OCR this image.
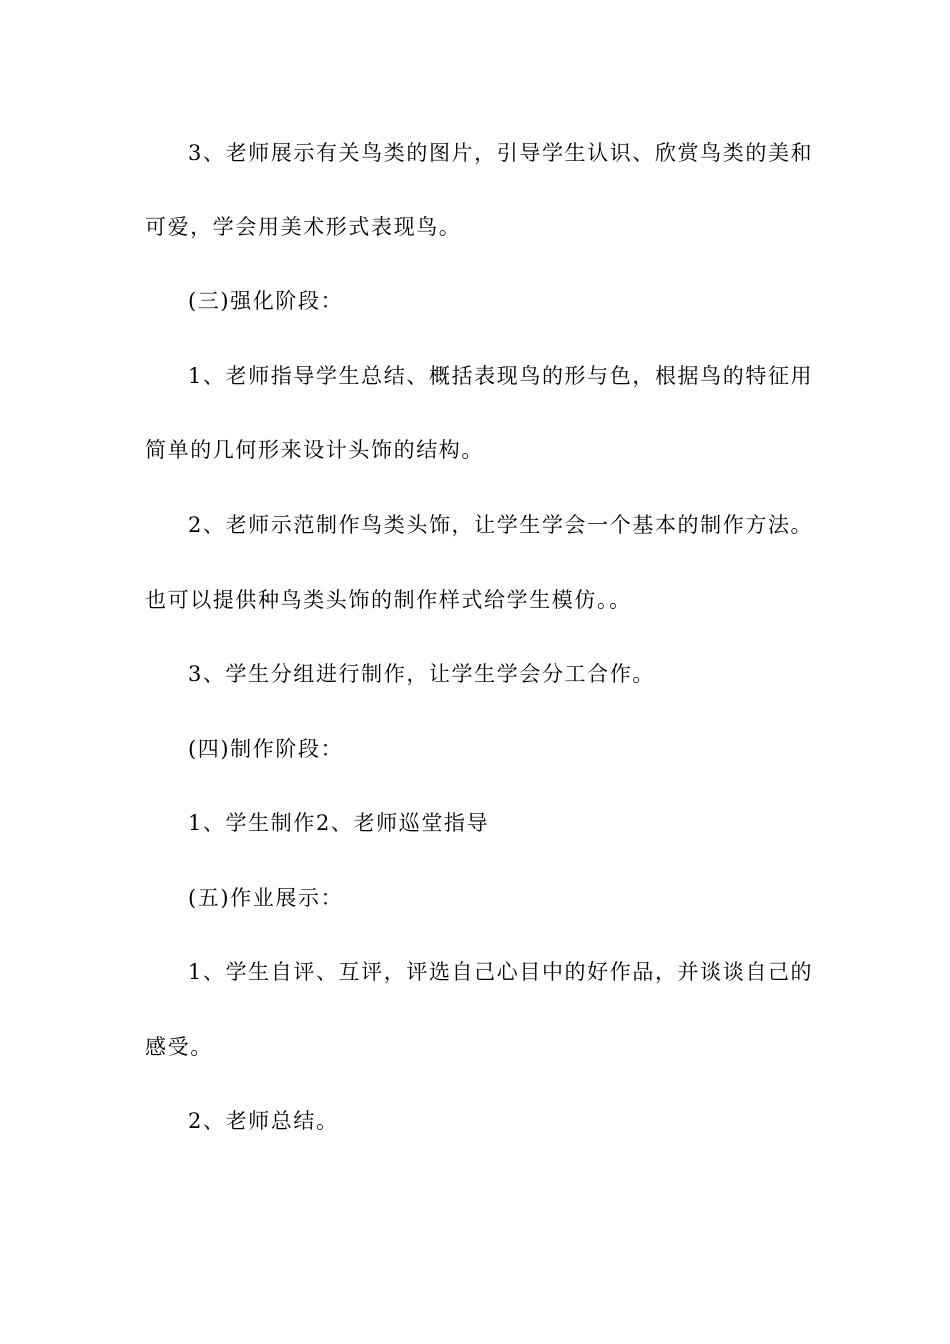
3、老师展示有关鸟类的图片，引导学生认识、欣赏鸟类的美和
可爱，学会用美术形式表现鸟。
(三)强化阶段：
1、老师指导学生总结、概括表现鸟的形与色，根据鸟的特征用
简单的几何形来设计头饰的结构。
2、老师示范制作鸟类头饰，让学生学会一个基本的制作方法。
也可以提供种鸟类头饰的制作样式给学生模仿。。
3、学生分组进行制作，让学生学会分工合作。
(四)制作阶段：
1、学生制作2、老师巡堂指导
(五)作业展示：
1、学生自评、互评，评选自己心目中的好作品，并谈谈自己的
感受。
2、老师总结。
